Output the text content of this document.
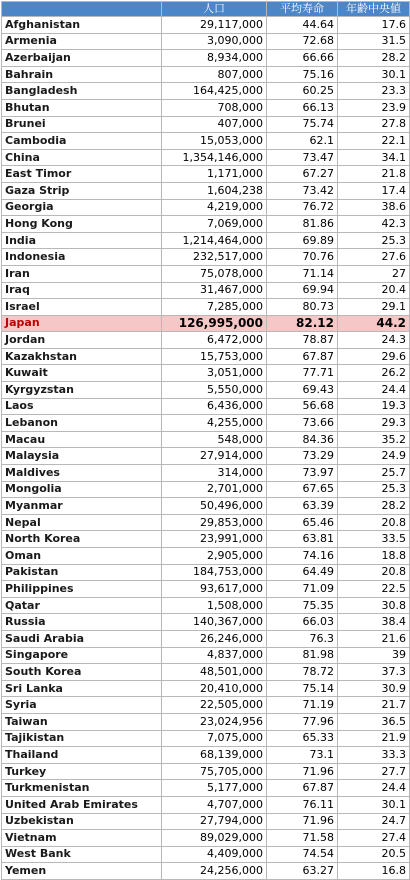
	人口	平均寿命	年齢中央値
Afghanistan	29,117,000	44.64	17.6
Armenia	3,090,000	72.68	31.5
Azerbaijan	8,934,000	66.66	28.2
Bahrain	807,000	75.16	30.1
Bangladesh	164,425,000	60.25	23.3
Bhutan	708,000	66.13	23.9
Brunei	407,000	75.74	27.8
Cambodia	15,053,000	62.1	22.1
China	1,354,146,000	73.47	34.1
East Timor	1,171,000	67.27	21.8
Gaza Strip	1,604,238	73.42	17.4
Georgia	4,219,000	76.72	38.6
Hong Kong	7,069,000	81.86	42.3
India	1,214,464,000	69.89	25.3
Indonesia	232,517,000	70.76	27.6
Iran	75,078,000	71.14	27
Iraq	31,467,000	69.94	20.4
Israel	7,285,000	80.73	29.1
Japan	126,995,000	82.12	44.2
Jordan	6,472,000	78.87	24.3
Kazakhstan	15,753,000	67.87	29.6
Kuwait	3,051,000	77.71	26.2
Kyrgyzstan	5,550,000	69.43	24.4
Laos	6,436,000	56.68	19.3
Lebanon	4,255,000	73.66	29.3
Macau	548,000	84.36	35.2
Malaysia	27,914,000	73.29	24.9
Maldives	314,000	73.97	25.7
Mongolia	2,701,000	67.65	25.3
Myanmar	50,496,000	63.39	28.2
Nepal	29,853,000	65.46	20.8
North Korea	23,991,000	63.81	33.5
Oman	2,905,000	74.16	18.8
Pakistan	184,753,000	64.49	20.8
Philippines	93,617,000	71.09	22.5
Qatar	1,508,000	75.35	30.8
Russia	140,367,000	66.03	38.4
Saudi Arabia	26,246,000	76.3	21.6
Singapore	4,837,000	81.98	39
South Korea	48,501,000	78.72	37.3
Sri Lanka	20,410,000	75.14	30.9
Syria	22,505,000	71.19	21.7
Taiwan	23,024,956	77.96	36.5
Tajikistan	7,075,000	65.33	21.9
Thailand	68,139,000	73.1	33.3
Turkey	75,705,000	71.96	27.7
Turkmenistan	5,177,000	67.87	24.4
United Arab Emirates	4,707,000	76.11	30.1
Uzbekistan	27,794,000	71.96	24.7
Vietnam	89,029,000	71.58	27.4
West Bank	4,409,000	74.54	20.5
Yemen	24,256,000	63.27	16.8
